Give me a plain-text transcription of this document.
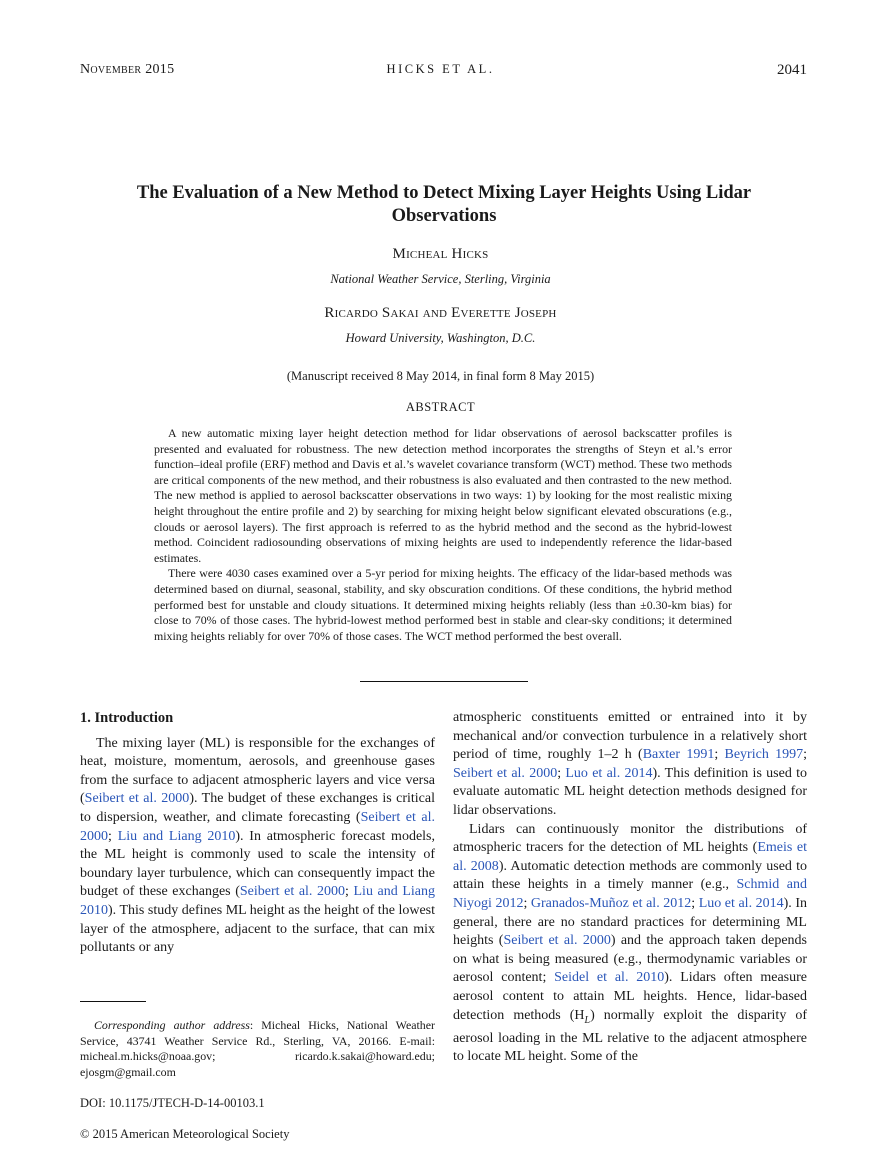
November 2015	HICKS ET AL.	2041
The Evaluation of a New Method to Detect Mixing Layer Heights Using Lidar Observations
Micheal Hicks
National Weather Service, Sterling, Virginia
Ricardo Sakai and Everette Joseph
Howard University, Washington, D.C.
(Manuscript received 8 May 2014, in final form 8 May 2015)
ABSTRACT

A new automatic mixing layer height detection method for lidar observations of aerosol backscatter profiles is presented and evaluated for robustness. The new detection method incorporates the strengths of Steyn et al.’s error function–ideal profile (ERF) method and Davis et al.’s wavelet covariance transform (WCT) method. These two methods are critical components of the new method, and their robustness is also evaluated and then contrasted to the new method. The new method is applied to aerosol backscatter observations in two ways: 1) by looking for the most realistic mixing height throughout the entire profile and 2) by searching for mixing height below significant elevated obscurations (e.g., clouds or aerosol layers). The first approach is referred to as the hybrid method and the second as the hybrid-lowest method. Coincident radiosounding observations of mixing heights are used to independently reference the lidar-based estimates.

There were 4030 cases examined over a 5-yr period for mixing heights. The efficacy of the lidar-based methods was determined based on diurnal, seasonal, stability, and sky obscuration conditions. Of these conditions, the hybrid method performed best for unstable and cloudy situations. It determined mixing heights reliably (less than ±0.30-km bias) for close to 70% of those cases. The hybrid-lowest method performed best in stable and clear-sky conditions; it determined mixing heights reliably for over 70% of those cases. The WCT method performed the best overall.

1. Introduction

The mixing layer (ML) is responsible for the exchanges of heat, moisture, momentum, aerosols, and greenhouse gases from the surface to adjacent atmospheric layers and vice versa (Seibert et al. 2000). The budget of these exchanges is critical to dispersion, weather, and climate forecasting (Seibert et al. 2000; Liu and Liang 2010). In atmospheric forecast models, the ML height is commonly used to scale the intensity of boundary layer turbulence, which can consequently impact the budget of these exchanges (Seibert et al. 2000; Liu and Liang 2010). This study defines ML height as the height of the lowest layer of the atmosphere, adjacent to the surface, that can mix pollutants or any

atmospheric constituents emitted or entrained into it by mechanical and/or convection turbulence in a relatively short period of time, roughly 1–2 h (Baxter 1991; Beyrich 1997; Seibert et al. 2000; Luo et al. 2014). This definition is used to evaluate automatic ML height detection methods designed for lidar observations.

Lidars can continuously monitor the distributions of atmospheric tracers for the detection of ML heights (Emeis et al. 2008). Automatic detection methods are commonly used to attain these heights in a timely manner (e.g., Schmid and Niyogi 2012; Granados-Muñoz et al. 2012; Luo et al. 2014). In general, there are no standard practices for determining ML heights (Seibert et al. 2000) and the approach taken depends on what is being measured (e.g., thermodynamic variables or aerosol content; Seidel et al. 2010). Lidars often measure aerosol content to attain ML heights. Hence, lidar-based detection methods $(H_L)$ normally exploit the disparity of aerosol loading in the ML relative to the adjacent atmosphere to locate ML height. Some of the

Corresponding author address: Micheal Hicks, National Weather Service, 43741 Weather Service Rd., Sterling, VA, 20166. E-mail: micheal.m.hicks@noaa.gov; ricardo.k.sakai@howard.edu; ejosgm@gmail.com

DOI: 10.1175/JTECH-D-14-00103.1
© 2015 American Meteorological Society
